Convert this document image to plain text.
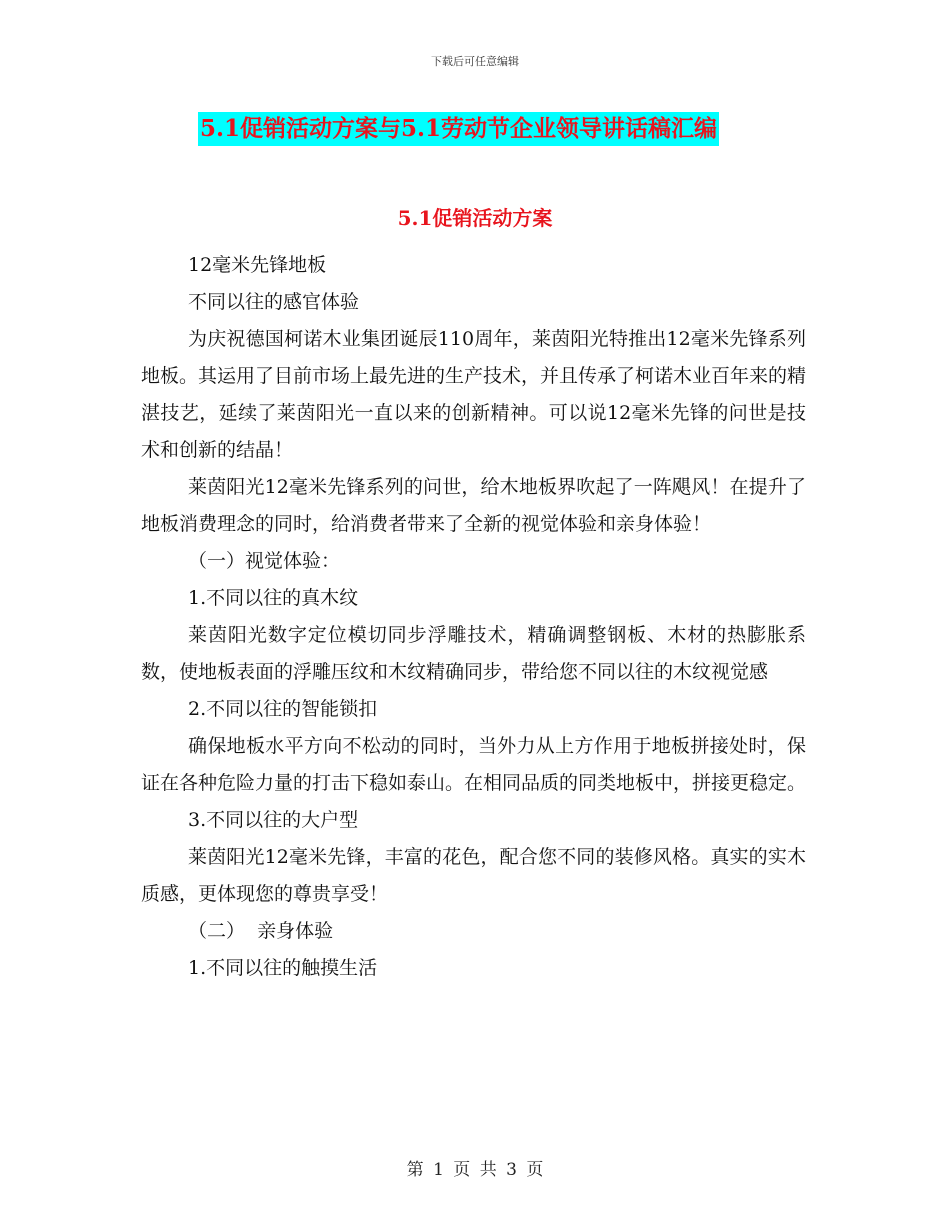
下载后可任意编辑
5.1促销活动方案与5.1劳动节企业领导讲话稿汇编
5.1促销活动方案

12毫米先锋地板

不同以往的感官体验

为庆祝德国柯诺木业集团诞辰110周年，莱茵阳光特推出12毫米先锋系列地板。其运用了目前市场上最先进的生产技术，并且传承了柯诺木业百年来的精湛技艺，延续了莱茵阳光一直以来的创新精神。可以说12毫米先锋的问世是技术和创新的结晶！

莱茵阳光12毫米先锋系列的问世，给木地板界吹起了一阵飓风！在提升了地板消费理念的同时，给消费者带来了全新的视觉体验和亲身体验！

（一）视觉体验：

1.不同以往的真木纹

莱茵阳光数字定位模切同步浮雕技术，精确调整钢板、木材的热膨胀系数，使地板表面的浮雕压纹和木纹精确同步，带给您不同以往的木纹视觉感

2.不同以往的智能锁扣

确保地板水平方向不松动的同时，当外力从上方作用于地板拼接处时，保证在各种危险力量的打击下稳如泰山。在相同品质的同类地板中，拼接更稳定。

3.不同以往的大户型

莱茵阳光12毫米先锋，丰富的花色，配合您不同的装修风格。真实的实木质感，更体现您的尊贵享受！

（二）  亲身体验

1.不同以往的触摸生活

第 1 页 共 3 页
